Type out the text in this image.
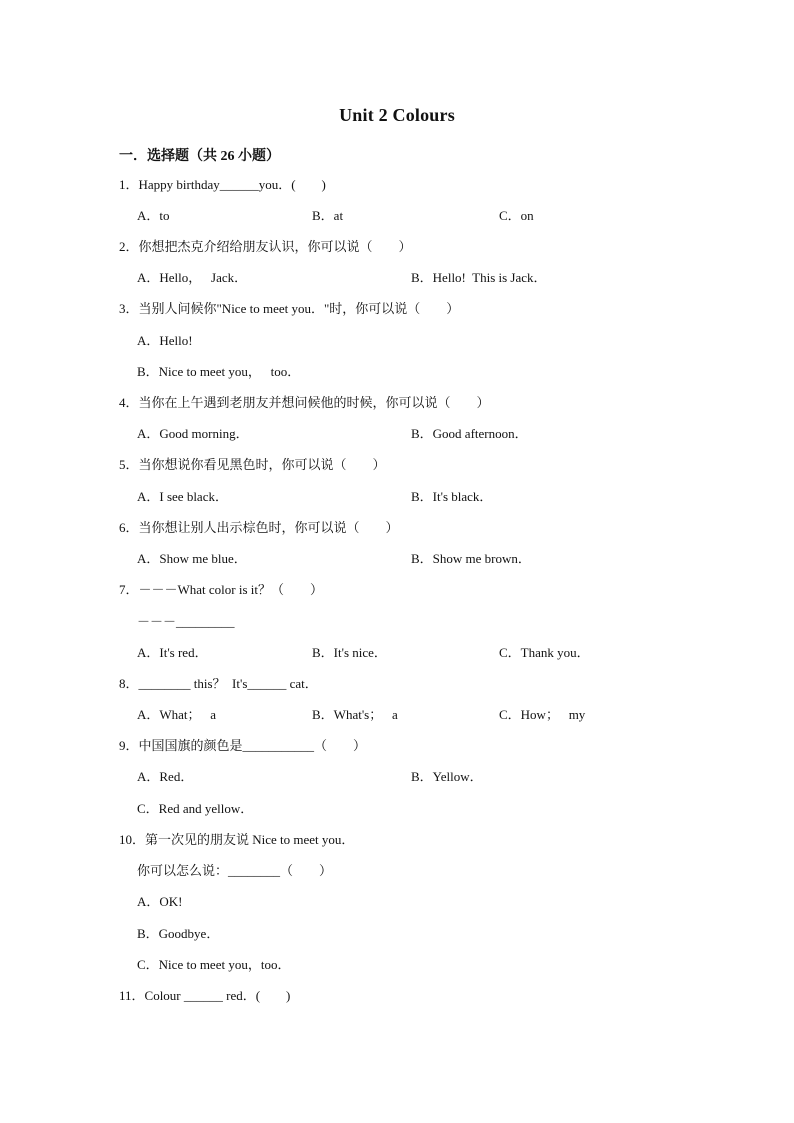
Unit 2 Colours
一．选择题（共 26 小题）
1．Happy birthday______you．(        )
A．to	B．at	C．on
2．你想把杰克介绍给朋友认识，你可以说（        ）
A．Hello，   Jack．	B．Hello!  This is Jack．
3．当别人问候你"Nice to meet you．"时，你可以说（        ）
A．Hello!
B．Nice to meet you，   too．
4．当你在上午遇到老朋友并想问候他的时候，你可以说（        ）
A．Good morning．	B．Good afternoon．
5．当你想说你看见黑色时，你可以说（        ）
A．I see black．	B．It's black．
6．当你想让别人出示棕色时，你可以说（        ）
A．Show me blue．	B．Show me brown．
7．－－－What color is it？（        ）
－－－_________
A．It's red．	B．It's nice．	C．Thank you．
8．________ this？  It's______ cat．
A．What；   a	B．What's；   a	C．How；   my
9．中国国旗的颜色是___________（        ）
A．Red．	B．Yellow．
C．Red and yellow．
10．第一次见的朋友说 Nice to meet you．
你可以怎么说：________（        ）
A．OK!
B．Goodbye．
C．Nice to meet you，too．
11．Colour ______ red．(        )
